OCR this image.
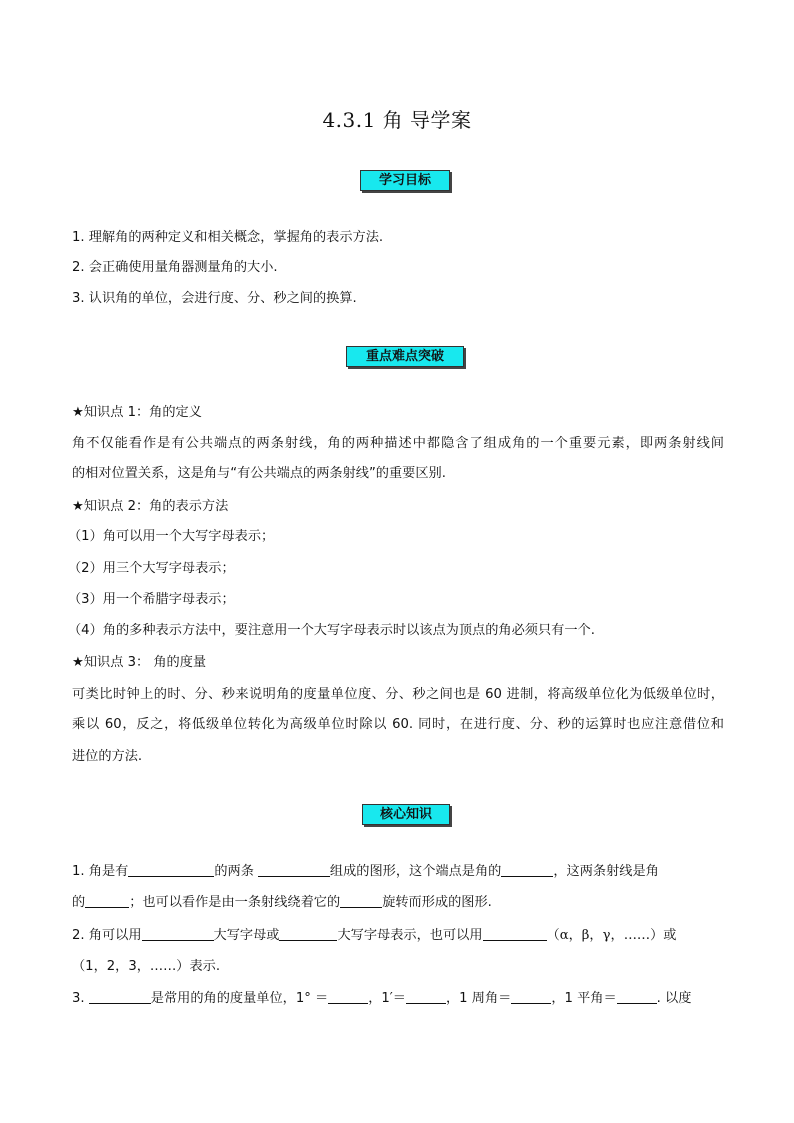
4.3.1 角 导学案
学习目标
1. 理解角的两种定义和相关概念，掌握角的表示方法.
2. 会正确使用量角器测量角的大小.
3. 认识角的单位，会进行度、分、秒之间的换算.
重点难点突破
★知识点 1：角的定义
角不仅能看作是有公共端点的两条射线，角的两种描述中都隐含了组成角的一个重要元素，即两条射线间
的相对位置关系，这是角与“有公共端点的两条射线”的重要区别.
★知识点 2：角的表示方法
（1）角可以用一个大写字母表示；
（2）用三个大写字母表示；
（3）用一个希腊字母表示；
（4）角的多种表示方法中，要注意用一个大写字母表示时以该点为顶点的角必须只有一个.
★知识点 3： 角的度量
可类比时钟上的时、分、秒来说明角的度量单位度、分、秒之间也是 60 进制，将高级单位化为低级单位时，
乘以 60，反之，将低级单位转化为高级单位时除以 60. 同时，在进行度、分、秒的运算时也应注意借位和
进位的方法.
核心知识
1. 角是有	的两条	组成的图形，这个端点是角的	，这两条射线是角
的	；也可以看作是由一条射线绕着它的	旋转而形成的图形.
2. 角可以用	大写字母或	大写字母表示，也可以用	（α，β，γ，……）或
（1，2，3，……）表示.
3.	是常用的角的度量单位，1° ＝	，1′＝	，1 周角＝	，1 平角＝	. 以度
